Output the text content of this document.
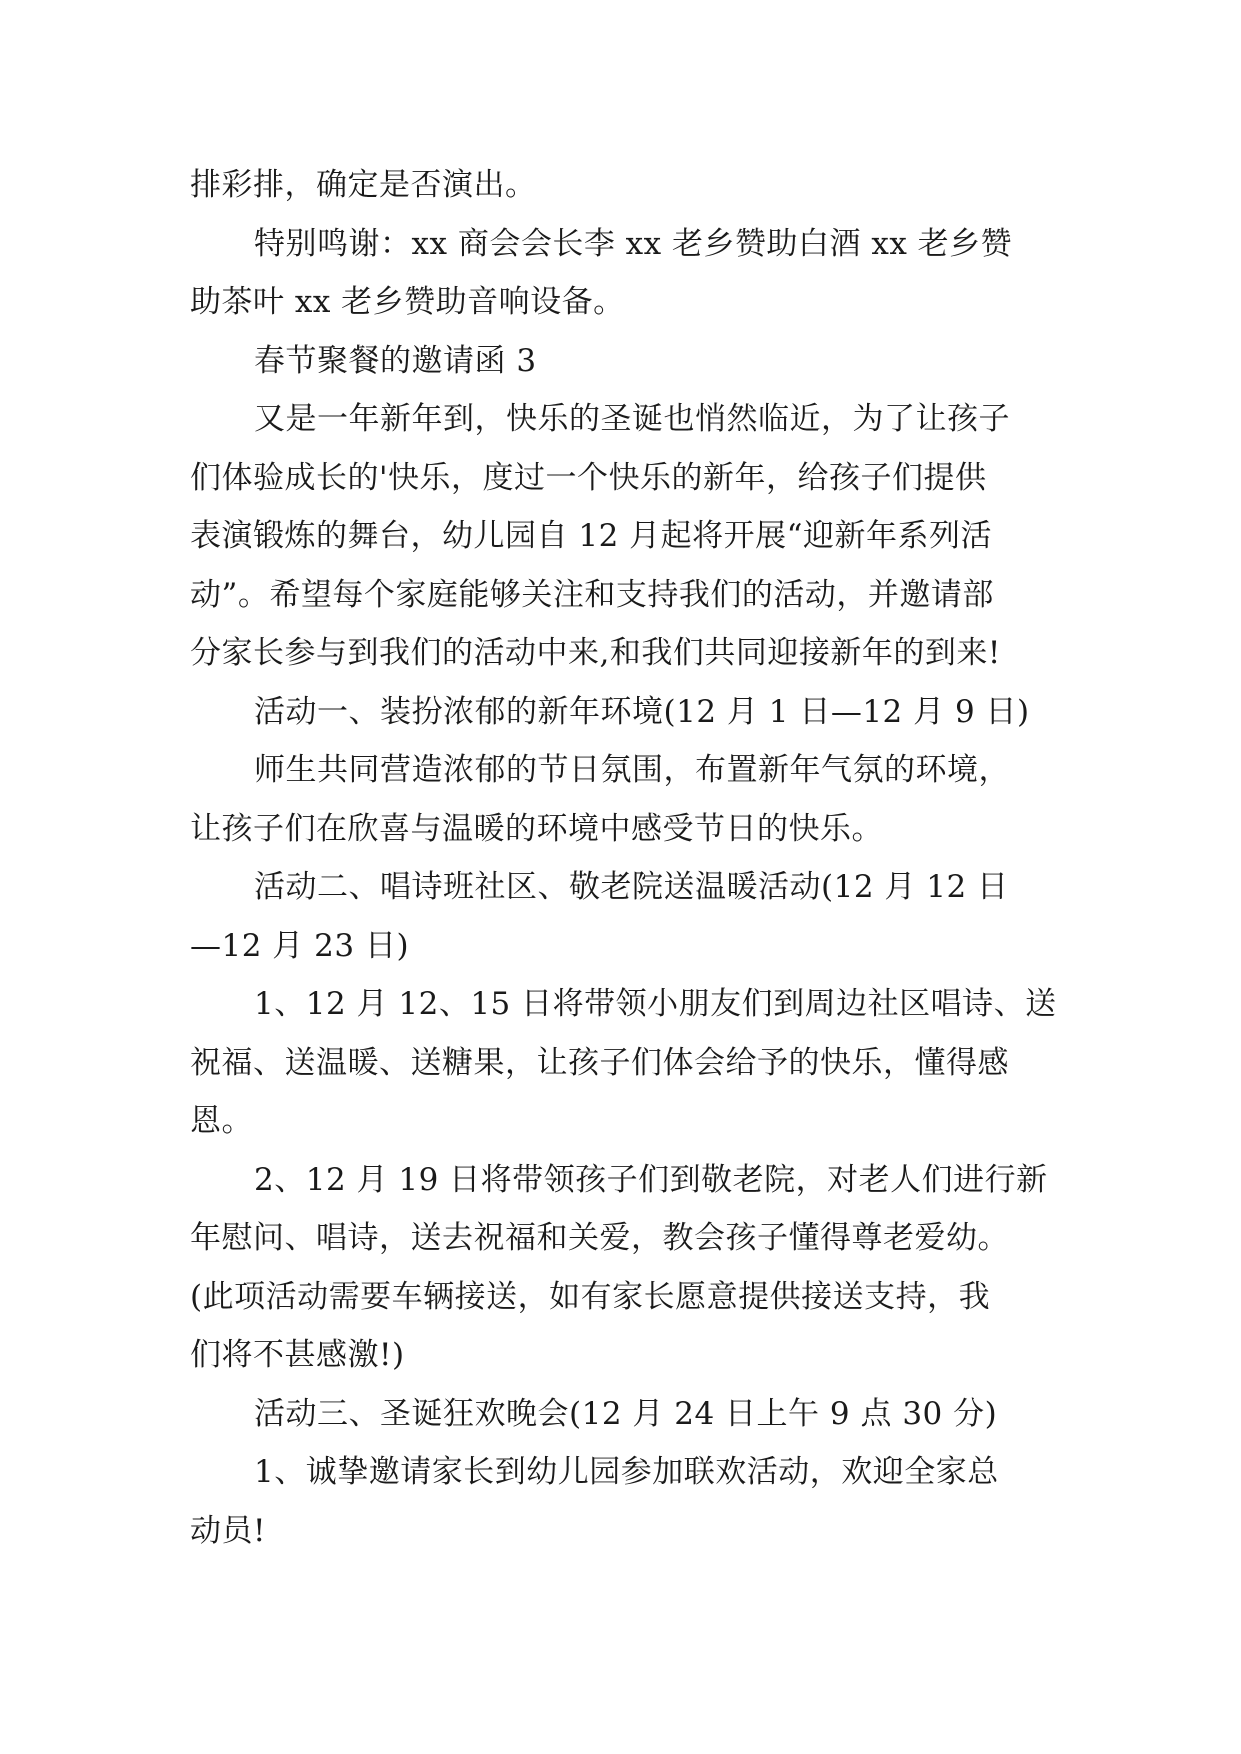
排彩排，确定是否演出。
特别鸣谢：xx 商会会长李 xx 老乡赞助白酒 xx 老乡赞
助茶叶 xx 老乡赞助音响设备。
春节聚餐的邀请函 3
又是一年新年到，快乐的圣诞也悄然临近，为了让孩子
们体验成长的'快乐，度过一个快乐的新年，给孩子们提供
表演锻炼的舞台，幼儿园自 12 月起将开展“迎新年系列活
动”。希望每个家庭能够关注和支持我们的活动，并邀请部
分家长参与到我们的活动中来,和我们共同迎接新年的到来!
活动一、装扮浓郁的新年环境(12 月 1 日—12 月 9 日)
师生共同营造浓郁的节日氛围，布置新年气氛的环境，
让孩子们在欣喜与温暖的环境中感受节日的快乐。
活动二、唱诗班社区、敬老院送温暖活动(12 月 12 日
—12 月 23 日)
1、12 月 12、15 日将带领小朋友们到周边社区唱诗、送
祝福、送温暖、送糖果，让孩子们体会给予的快乐，懂得感
恩。
2、12 月 19 日将带领孩子们到敬老院，对老人们进行新
年慰问、唱诗，送去祝福和关爱，教会孩子懂得尊老爱幼。
(此项活动需要车辆接送，如有家长愿意提供接送支持，我
们将不甚感激!)
活动三、圣诞狂欢晚会(12 月 24 日上午 9 点 30 分)
1、诚挚邀请家长到幼儿园参加联欢活动，欢迎全家总
动员!
